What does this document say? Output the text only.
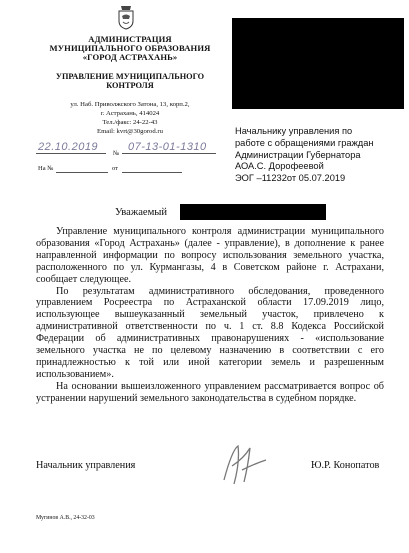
АДМИНИСТРАЦИЯ
МУНИЦИПАЛЬНОГО ОБРАЗОВАНИЯ
«ГОРОД АСТРАХАНЬ»
УПРАВЛЕНИЕ МУНИЦИПАЛЬНОГО
КОНТРОЛЯ
ул. Наб. Приволжского Затона, 13, корп.2,
г. Астрахань, 414024
Тел./факс: 24-22-43
Email: kvrt@30gorod.ru
22.10.2019
№
07-13-01-1310
На №	от
Начальнику управления по
работе с обращениями граждан
Администрации Губернатора
АОА.С. Дорофеевой
ЭОГ –11232от 05.07.2019
Уважаемый

Управление муниципального контроля администрации муниципального образования «Город Астрахань» (далее - управление), в дополнение к ранее направленной информации по вопросу использования земельного участка, расположенного по ул. Курмангазы, 4 в Советском районе г. Астрахани, сообщает следующее.

По результатам административного обследования, проведенного управлением Росреестра по Астраханской области 17.09.2019 лицо, использующее вышеуказанный земельный участок, привлечено к административной ответственности по ч. 1 ст. 8.8 Кодекса Российской Федерации об административных правонарушениях - «использование земельного участка не по целевому назначению в соответствии с его принадлежностью к той или иной категории земель и разрешенным использованием».

На основании вышеизложенного управлением рассматривается вопрос об устранении нарушений земельного законодательства в судебном порядке.

Начальник управления	Ю.Р. Конопатов
Мугинов А.В., 24-32-03
